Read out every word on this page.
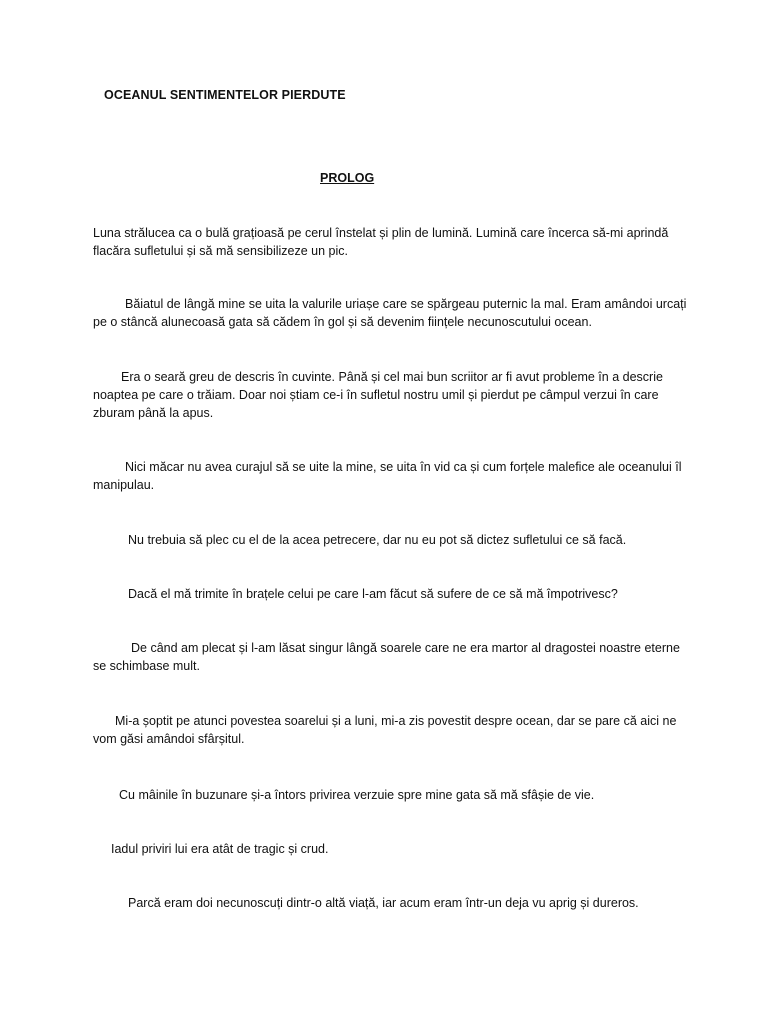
OCEANUL SENTIMENTELOR PIERDUTE
PROLOG

Luna strălucea ca o bulă grațioasă pe cerul înstelat și plin de lumină. Lumină care încerca să-mi aprindă flacăra sufletului și să mă sensibilizeze un pic.

Băiatul de lângă mine se uita la valurile uriașe care se spărgeau puternic la mal. Eram amândoi urcați pe o stâncă alunecoasă gata să cădem în gol și să devenim ființele necunoscutului ocean.

Era o seară greu de descris în cuvinte. Până și cel mai bun scriitor ar fi avut probleme în a descrie noaptea pe care o trăiam. Doar noi știam ce-i în sufletul nostru umil și pierdut pe câmpul verzui în care zburam până la apus.

Nici măcar nu avea curajul să se uite la mine, se uita în vid ca și cum forțele malefice ale oceanului îl manipulau.

Nu trebuia să plec cu el de la acea petrecere, dar nu eu pot să dictez sufletului ce să facă.

Dacă el mă trimite în brațele celui pe care l-am făcut să sufere de ce să mă împotrivesc?

De când am plecat și l-am lăsat singur lângă soarele care ne era martor al dragostei noastre eterne se schimbase mult.

Mi-a șoptit pe atunci povestea soarelui și a luni, mi-a zis povestit despre ocean, dar se pare că aici ne vom găsi amândoi sfârșitul.

Cu mâinile în buzunare și-a întors privirea verzuie spre mine gata să mă sfâșie de vie.

Iadul priviri lui era atât de tragic și crud.

Parcă eram doi necunoscuți dintr-o altă viață, iar acum eram într-un deja vu aprig și dureros.
